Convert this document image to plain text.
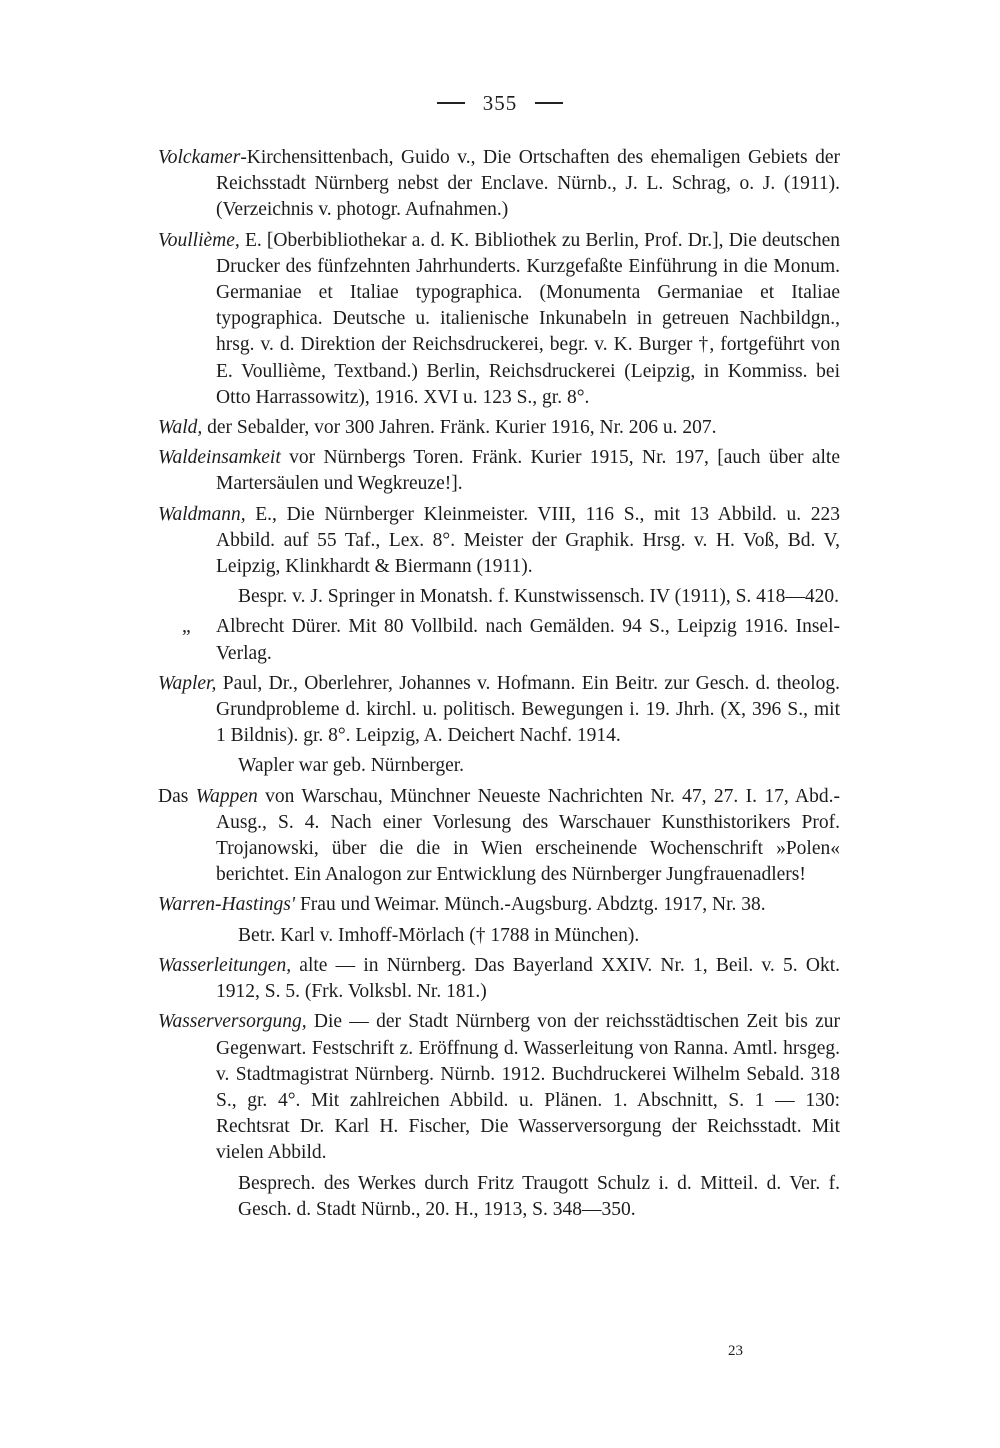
355

Volckamer-Kirchensittenbach, Guido v., Die Ortschaften des ehemaligen Gebiets der Reichsstadt Nürnberg nebst der Enclave. Nürnb., J. L. Schrag, o. J. (1911). (Verzeichnis v. photogr. Aufnahmen.)

Voullième, E. [Oberbibliothekar a. d. K. Bibliothek zu Berlin, Prof. Dr.], Die deutschen Drucker des fünfzehnten Jahrhunderts. Kurzgefaßte Einführung in die Monum. Germaniae et Italiae typographica. (Monumenta Germaniae et Italiae typographica. Deutsche u. italienische Inkunabeln in getreuen Nachbildgn., hrsg. v. d. Direktion der Reichsdruckerei, begr. v. K. Burger †, fortgeführt von E. Voullième, Textband.) Berlin, Reichsdruckerei (Leipzig, in Kommiss. bei Otto Harrassowitz), 1916. XVI u. 123 S., gr. 8°.

Wald, der Sebalder, vor 300 Jahren. Fränk. Kurier 1916, Nr. 206 u. 207.

Waldeinsamkeit vor Nürnbergs Toren. Fränk. Kurier 1915, Nr. 197, [auch über alte Martersäulen und Wegkreuze!].

Waldmann, E., Die Nürnberger Kleinmeister. VIII, 116 S., mit 13 Abbild. u. 223 Abbild. auf 55 Taf., Lex. 8°. Meister der Graphik. Hrsg. v. H. Voß, Bd. V, Leipzig, Klinkhardt & Biermann (1911).

Bespr. v. J. Springer in Monatsh. f. Kunstwissensch. IV (1911), S. 418—420.

„ Albrecht Dürer. Mit 80 Vollbild. nach Gemälden. 94 S., Leipzig 1916. Insel-Verlag.

Wapler, Paul, Dr., Oberlehrer, Johannes v. Hofmann. Ein Beitr. zur Gesch. d. theolog. Grundprobleme d. kirchl. u. politisch. Bewegungen i. 19. Jhrh. (X, 396 S., mit 1 Bildnis). gr. 8°. Leipzig, A. Deichert Nachf. 1914.

Wapler war geb. Nürnberger.

Das Wappen von Warschau, Münchner Neueste Nachrichten Nr. 47, 27. I. 17, Abd.-Ausg., S. 4. Nach einer Vorlesung des Warschauer Kunsthistorikers Prof. Trojanowski, über die die in Wien erscheinende Wochenschrift »Polen« berichtet. Ein Analogon zur Entwicklung des Nürnberger Jungfrauenadlers!

Warren-Hastings' Frau und Weimar. Münch.-Augsburg. Abdztg. 1917, Nr. 38.

Betr. Karl v. Imhoff-Mörlach († 1788 in München).

Wasserleitungen, alte — in Nürnberg. Das Bayerland XXIV. Nr. 1, Beil. v. 5. Okt. 1912, S. 5. (Frk. Volksbl. Nr. 181.)

Wasserversorgung, Die — der Stadt Nürnberg von der reichsstädtischen Zeit bis zur Gegenwart. Festschrift z. Eröffnung d. Wasserleitung von Ranna. Amtl. hrsgeg. v. Stadtmagistrat Nürnberg. Nürnb. 1912. Buchdruckerei Wilhelm Sebald. 318 S., gr. 4°. Mit zahlreichen Abbild. u. Plänen. 1. Abschnitt, S. 1 — 130: Rechtsrat Dr. Karl H. Fischer, Die Wasserversorgung der Reichsstadt. Mit vielen Abbild.

Besprech. des Werkes durch Fritz Traugott Schulz i. d. Mitteil. d. Ver. f. Gesch. d. Stadt Nürnb., 20. H., 1913, S. 348—350.

23
